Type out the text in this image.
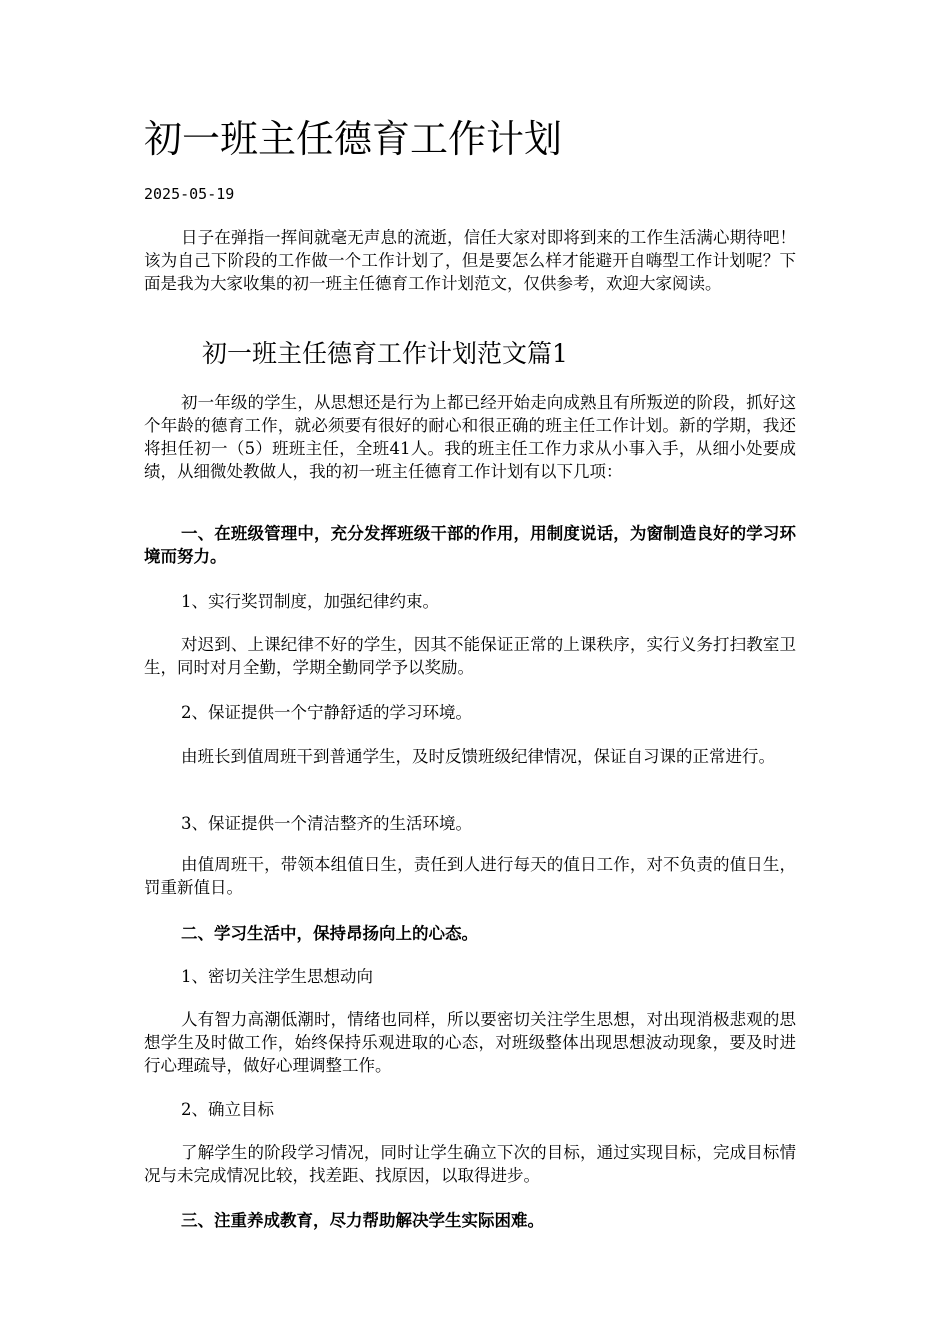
初一班主任德育工作计划
2025-05-19

日子在弹指一挥间就毫无声息的流逝，信任大家对即将到来的工作生活满心期待吧！该为自己下阶段的工作做一个工作计划了，但是要怎么样才能避开自嗨型工作计划呢？下面是我为大家收集的初一班主任德育工作计划范文，仅供参考，欢迎大家阅读。

初一班主任德育工作计划范文篇1

初一年级的学生，从思想还是行为上都已经开始走向成熟且有所叛逆的阶段，抓好这个年龄的德育工作，就必须要有很好的耐心和很正确的班主任工作计划。新的学期，我还将担任初一（5）班班主任，全班41人。我的班主任工作力求从小事入手，从细小处要成绩，从细微处教做人，我的初一班主任德育工作计划有以下几项：

一、在班级管理中，充分发挥班级干部的作用，用制度说话，为窗制造良好的学习环境而努力。

1、实行奖罚制度，加强纪律约束。

对迟到、上课纪律不好的学生，因其不能保证正常的上课秩序，实行义务打扫教室卫生，同时对月全勤，学期全勤同学予以奖励。

2、保证提供一个宁静舒适的学习环境。

由班长到值周班干到普通学生，及时反馈班级纪律情况，保证自习课的正常进行。

3、保证提供一个清洁整齐的生活环境。

由值周班干，带领本组值日生，责任到人进行每天的值日工作，对不负责的值日生，罚重新值日。

二、学习生活中，保持昂扬向上的心态。

1、密切关注学生思想动向

人有智力高潮低潮时，情绪也同样，所以要密切关注学生思想，对出现消极悲观的思想学生及时做工作，始终保持乐观进取的心态，对班级整体出现思想波动现象，要及时进行心理疏导，做好心理调整工作。

2、确立目标

了解学生的阶段学习情况，同时让学生确立下次的目标，通过实现目标，完成目标情况与未完成情况比较，找差距、找原因，以取得进步。

三、注重养成教育，尽力帮助解决学生实际困难。
